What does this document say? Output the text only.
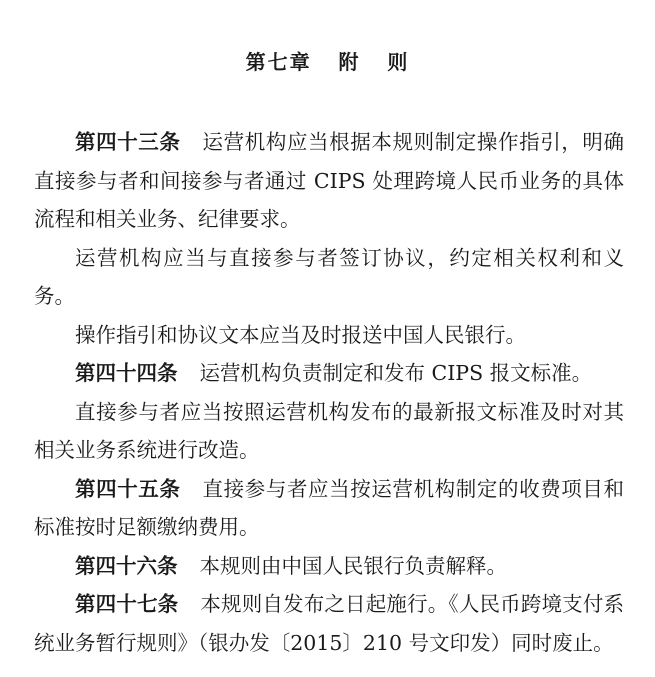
第七章   附   则

第四十三条 运营机构应当根据本规则制定操作指引，明确直接参与者和间接参与者通过 CIPS 处理跨境人民币业务的具体流程和相关业务、纪律要求。

运营机构应当与直接参与者签订协议，约定相关权利和义务。

操作指引和协议文本应当及时报送中国人民银行。

第四十四条 运营机构负责制定和发布 CIPS 报文标准。

直接参与者应当按照运营机构发布的最新报文标准及时对其相关业务系统进行改造。

第四十五条 直接参与者应当按运营机构制定的收费项目和标准按时足额缴纳费用。

第四十六条 本规则由中国人民银行负责解释。

第四十七条 本规则自发布之日起施行。《人民币跨境支付系统业务暂行规则》（银办发〔2015〕210 号文印发）同时废止。
